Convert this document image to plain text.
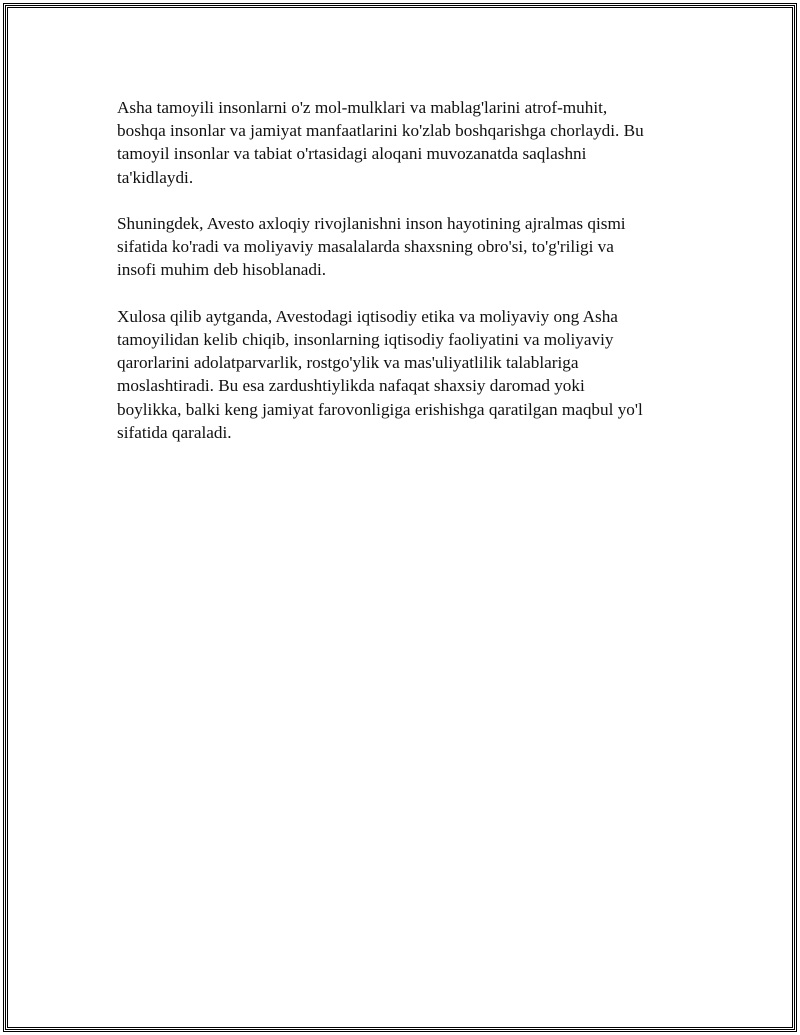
Asha tamoyili insonlarni o'z mol-mulklari va mablag'larini atrof-muhit,
boshqa insonlar va jamiyat manfaatlarini ko'zlab boshqarishga chorlaydi. Bu
tamoyil insonlar va tabiat o'rtasidagi aloqani muvozanatda saqlashni
ta'kidlaydi.

Shuningdek, Avesto axloqiy rivojlanishni inson hayotining ajralmas qismi
sifatida ko'radi va moliyaviy masalalarda shaxsning obro'si, to'g'riligi va
insofi muhim deb hisoblanadi.

Xulosa qilib aytganda, Avestodagi iqtisodiy etika va moliyaviy ong Asha
tamoyilidan kelib chiqib, insonlarning iqtisodiy faoliyatini va moliyaviy
qarorlarini adolatparvarlik, rostgo'ylik va mas'uliyatlilik talablariga
moslashtiradi. Bu esa zardushtiylikda nafaqat shaxsiy daromad yoki
boylikka, balki keng jamiyat farovonligiga erishishga qaratilgan maqbul yo'l
sifatida qaraladi.
